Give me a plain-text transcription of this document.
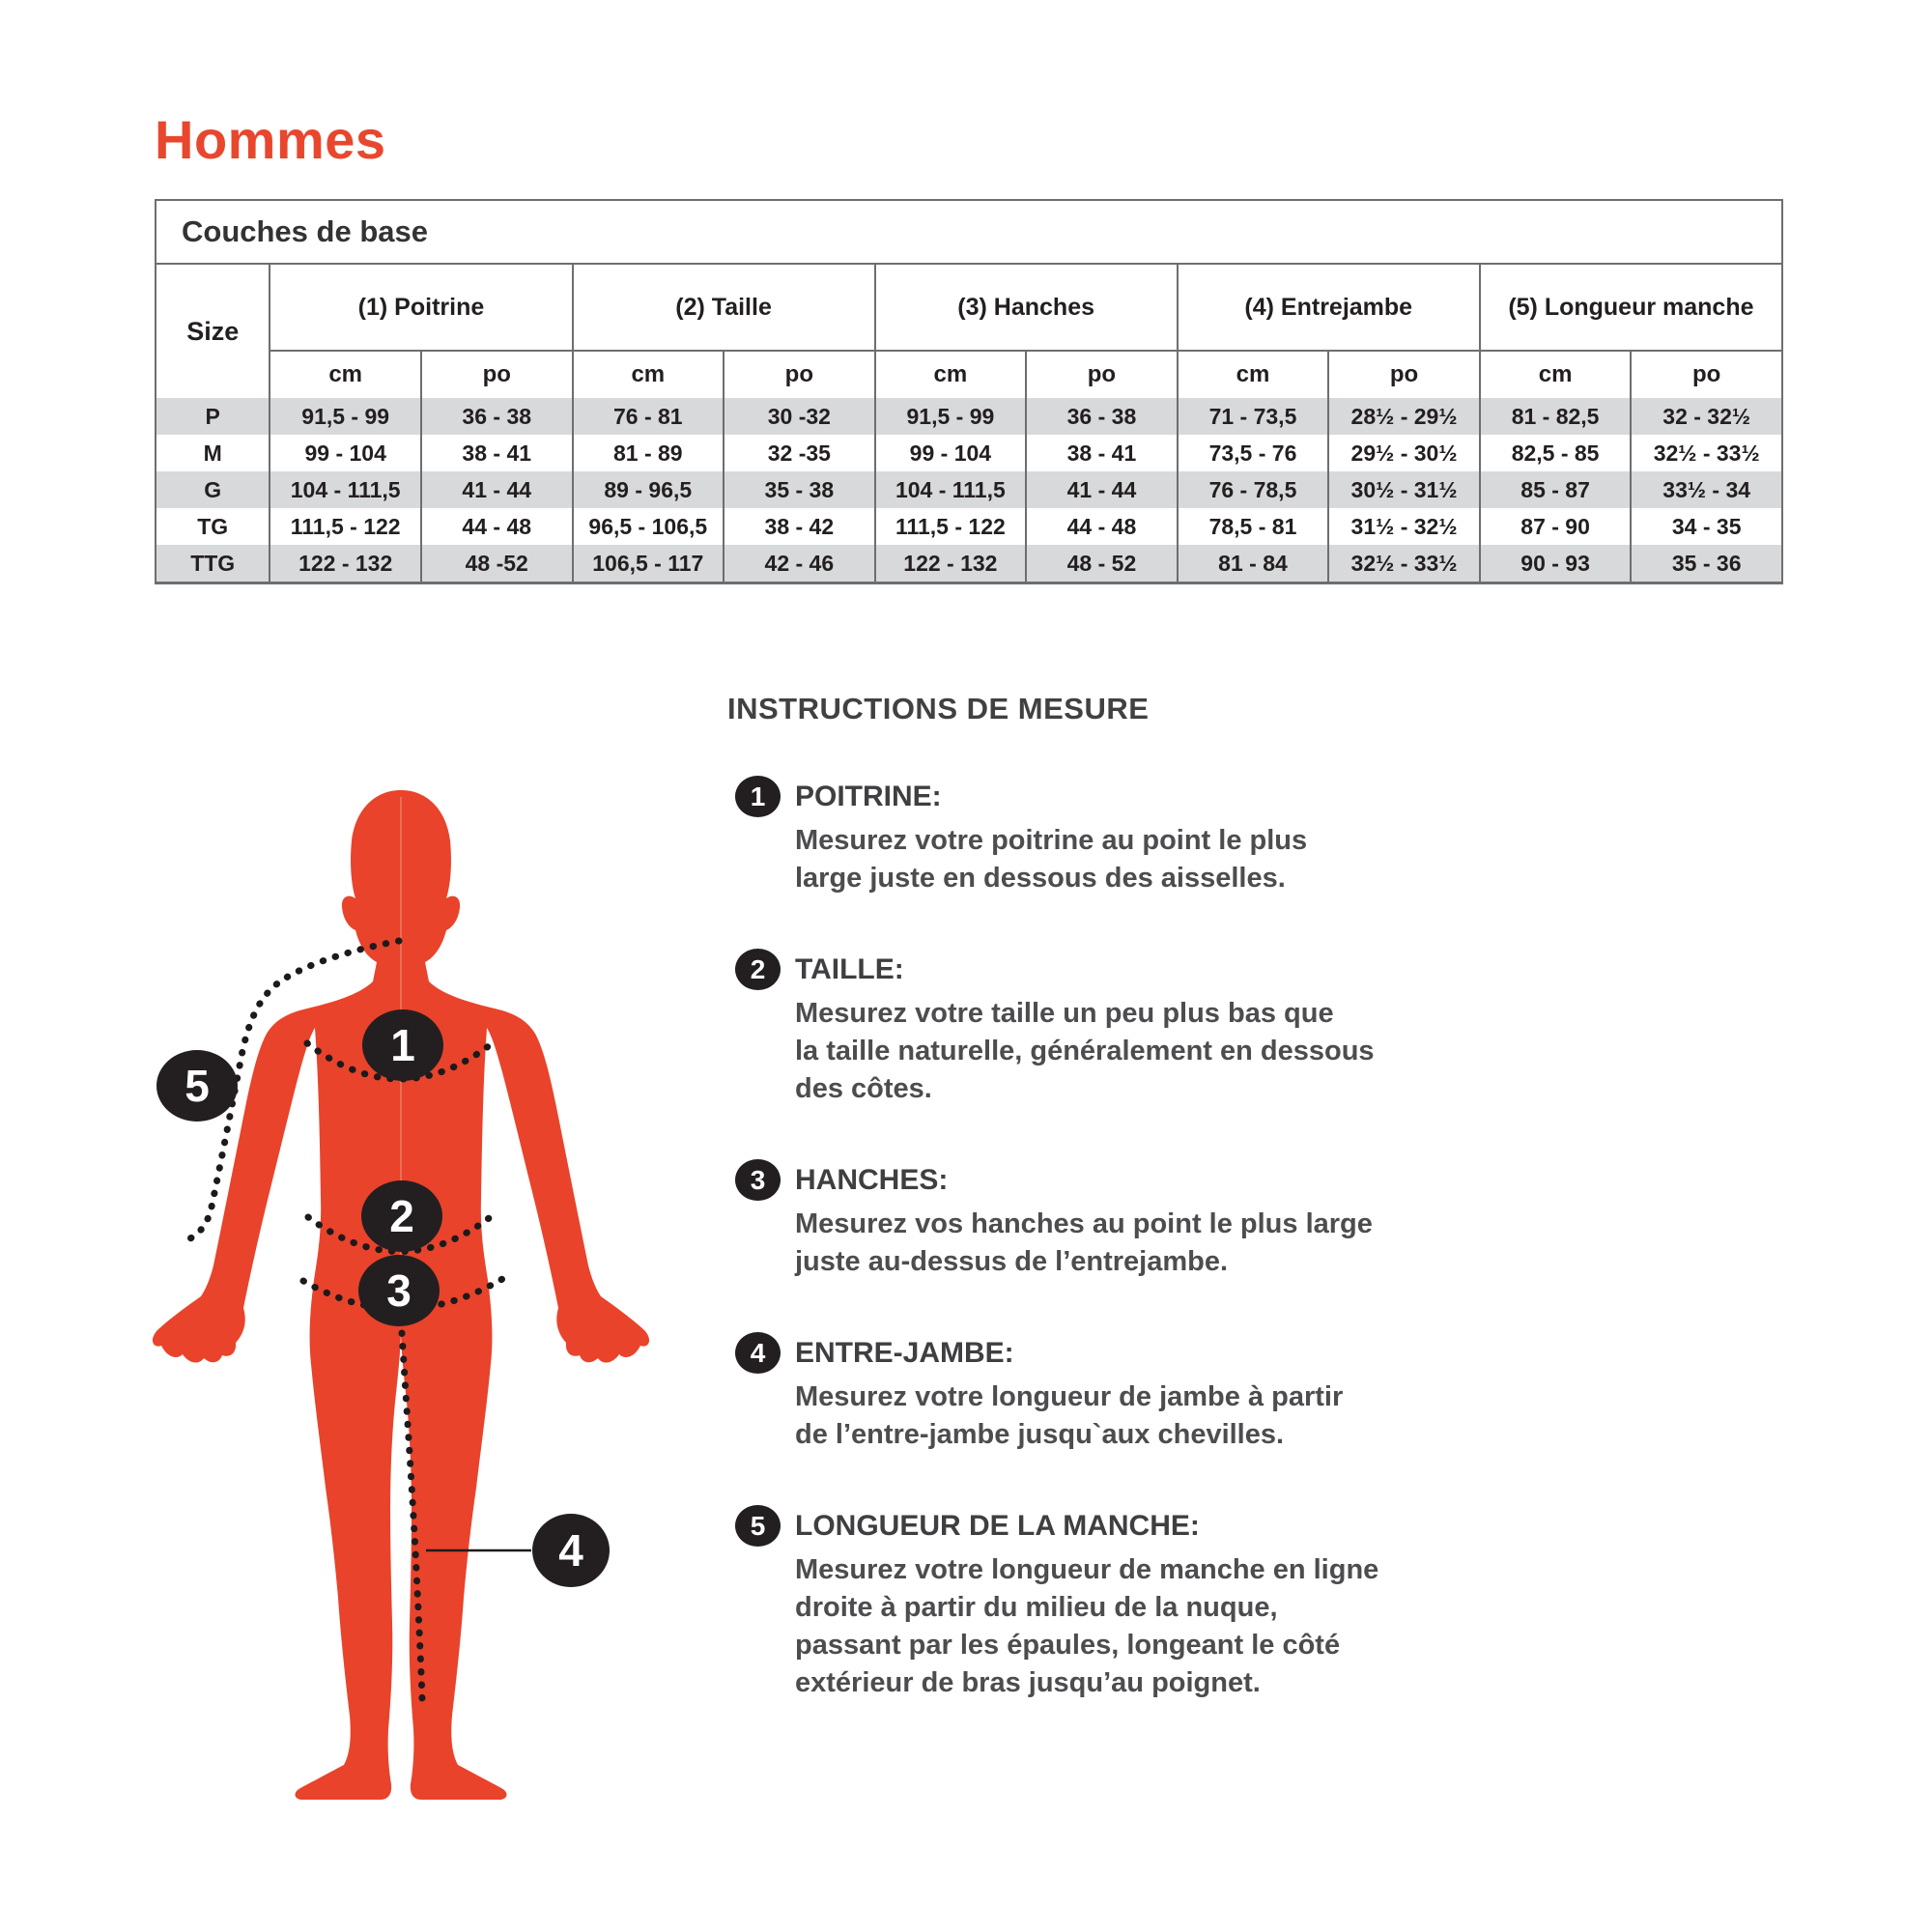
Hommes
Couches de base
Size	(1) Poitrine		(2) Taille		(3) Hanches		(4) Entrejambe		(5) Longueur manche	
	cm	po	cm	po	cm	po	cm	po	cm	po
P	91,5 - 99	36 - 38	76 - 81	30 -32	91,5 - 99	36 - 38	71 - 73,5	28½ - 29½	81 - 82,5	32 - 32½
M	99 - 104	38 - 41	81 - 89	32 -35	99 - 104	38 - 41	73,5 - 76	29½ - 30½	82,5 - 85	32½ - 33½
G	104 - 111,5	41 - 44	89 - 96,5	35 - 38	104 - 111,5	41 - 44	76 - 78,5	30½ - 31½	85 - 87	33½ - 34
TG	111,5 - 122	44 - 48	96,5 - 106,5	38 - 42	111,5 - 122	44 - 48	78,5 - 81	31½ - 32½	87 - 90	34 - 35
TTG	122 - 132	48 -52	106,5 - 117	42 - 46	122 - 132	48 - 52	81 - 84	32½ - 33½	90 - 93	35 - 36
1
2
3
4
5
INSTRUCTIONS DE MESURE
1	POITRINE:
Mesurez votre poitrine au point le plus
large juste en dessous des aisselles.
2	TAILLE:
Mesurez votre taille un peu plus bas que
la taille naturelle, généralement en dessous
des côtes.
3	HANCHES:
Mesurez vos hanches au point le plus large
juste au-dessus de l’entrejambe.
4	ENTRE-JAMBE:
Mesurez votre longueur de jambe à partir
de l’entre-jambe jusqu`aux chevilles.
5	LONGUEUR DE LA MANCHE:
Mesurez votre longueur de manche en ligne
droite à partir du milieu de la nuque,
passant par les épaules, longeant le côté
extérieur de bras jusqu’au poignet.
